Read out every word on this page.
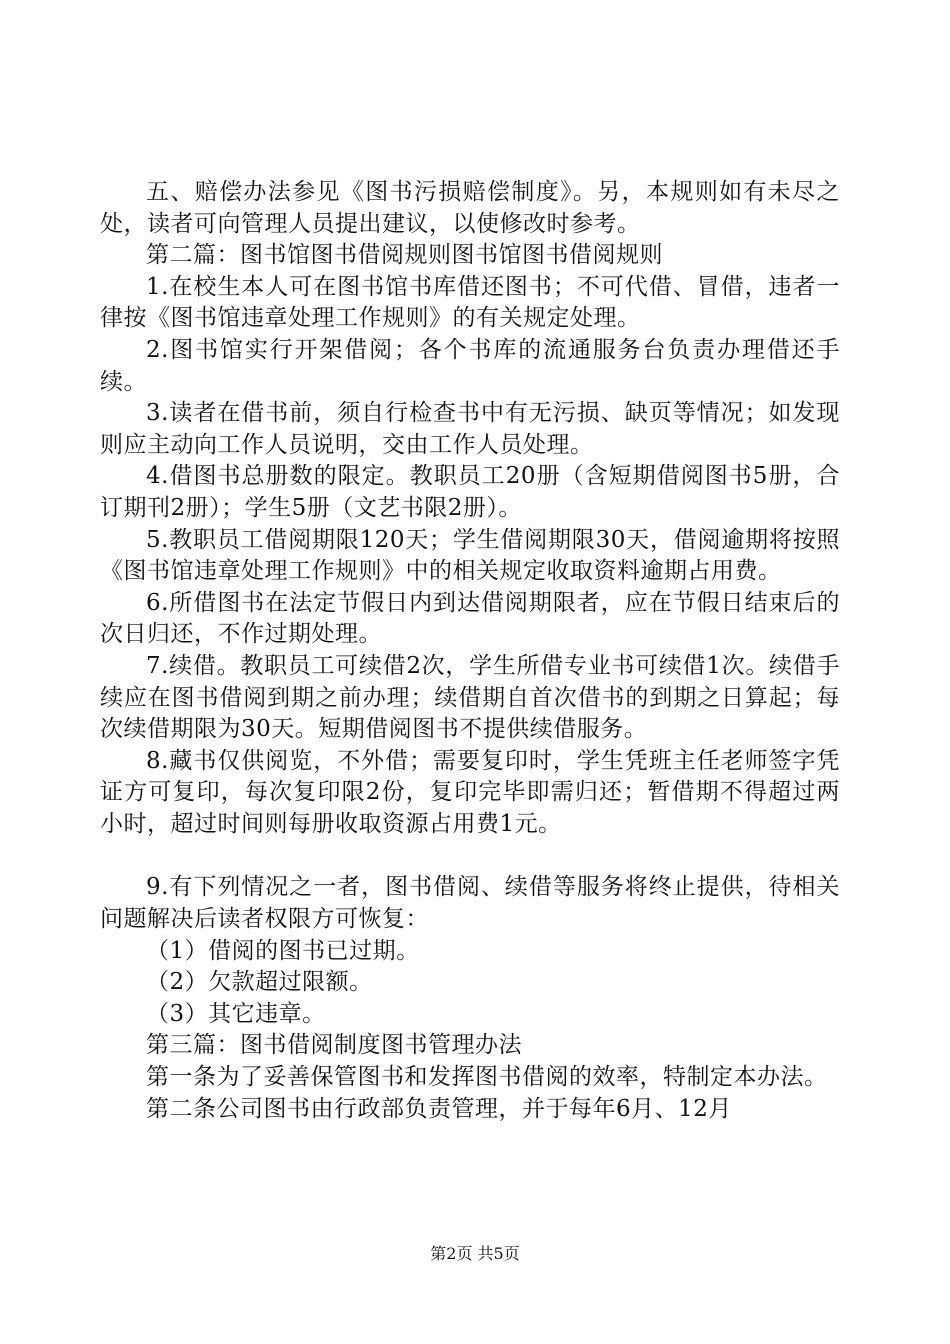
五、赔偿办法参见《图书污损赔偿制度》。另，本规则如有未尽之处，读者可向管理人员提出建议，以使修改时参考。

第二篇：图书馆图书借阅规则图书馆图书借阅规则

1.在校生本人可在图书馆书库借还图书；不可代借、冒借，违者一律按《图书馆违章处理工作规则》的有关规定处理。

2.图书馆实行开架借阅；各个书库的流通服务台负责办理借还手续。

3.读者在借书前，须自行检查书中有无污损、缺页等情况；如发现则应主动向工作人员说明，交由工作人员处理。

4.借图书总册数的限定。教职员工20册（含短期借阅图书5册，合订期刊2册）；学生5册（文艺书限2册）。

5.教职员工借阅期限120天；学生借阅期限30天，借阅逾期将按照《图书馆违章处理工作规则》中的相关规定收取资料逾期占用费。

6.所借图书在法定节假日内到达借阅期限者，应在节假日结束后的次日归还，不作过期处理。

7.续借。教职员工可续借2次，学生所借专业书可续借1次。续借手续应在图书借阅到期之前办理；续借期自首次借书的到期之日算起；每次续借期限为30天。短期借阅图书不提供续借服务。

8.藏书仅供阅览，不外借；需要复印时，学生凭班主任老师签字凭证方可复印，每次复印限2份，复印完毕即需归还；暂借期不得超过两小时，超过时间则每册收取资源占用费1元。

9.有下列情况之一者，图书借阅、续借等服务将终止提供，待相关问题解决后读者权限方可恢复：

（1）借阅的图书已过期。

（2）欠款超过限额。

（3）其它违章。

第三篇：图书借阅制度图书管理办法

第一条为了妥善保管图书和发挥图书借阅的效率，特制定本办法。

第二条公司图书由行政部负责管理，并于每年6月、12月

第2页 共5页
